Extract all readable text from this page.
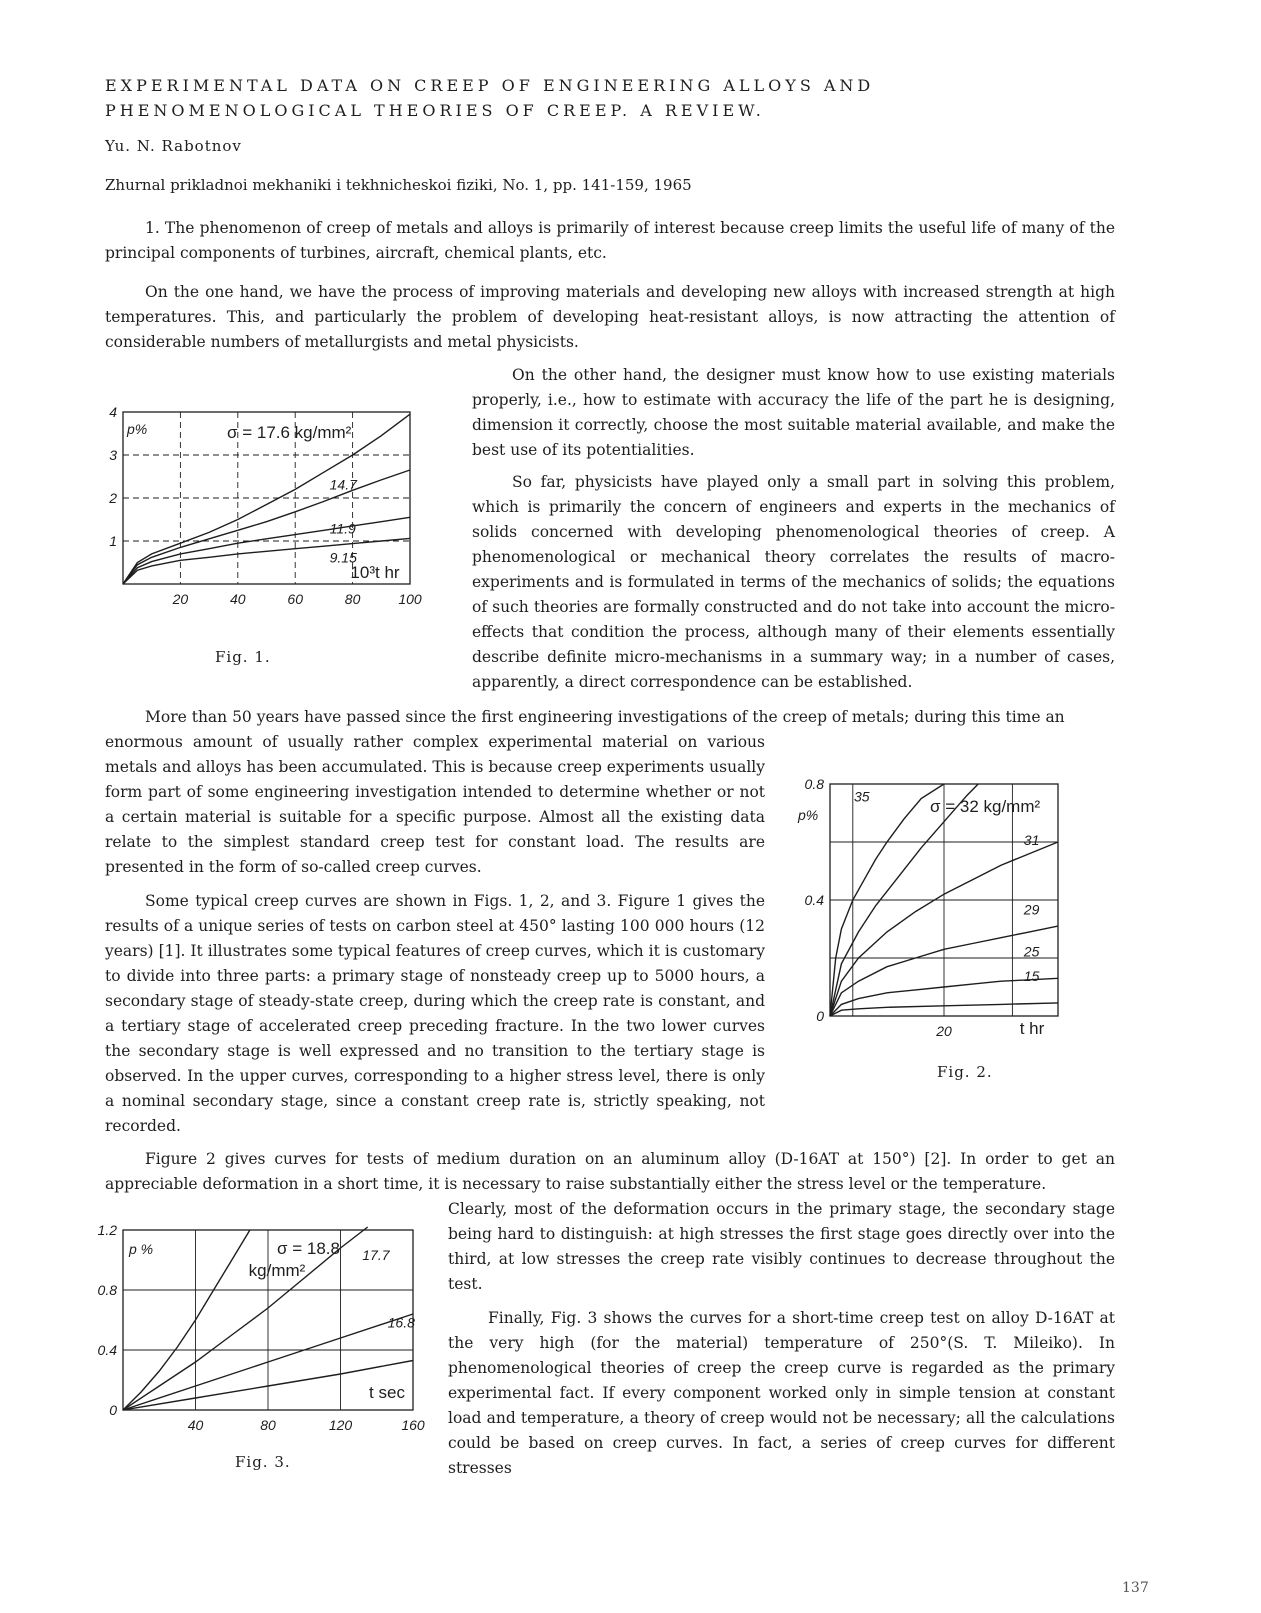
EXPERIMENTAL DATA ON CREEP OF ENGINEERING ALLOYS AND
PHENOMENOLOGICAL THEORIES OF CREEP. A REVIEW.
Yu. N. Rabotnov
Zhurnal prikladnoi mekhaniki i tekhnicheskoi fiziki, No. 1, pp. 141-159, 1965

1. The phenomenon of creep of metals and alloys is primarily of interest because creep limits the useful life of many of the principal components of turbines, aircraft, chemical plants, etc.

On the one hand, we have the process of improving materials and developing new alloys with increased strength at high temperatures. This, and particularly the problem of developing heat-resistant alloys, is now attracting the attention of considerable numbers of metallurgists and metal physicists.

On the other hand, the designer must know how to use existing materials properly, i.e., how to estimate with accuracy the life of the part he is designing, dimension it correctly, choose the most suitable material available, and make the best use of its potentialities.

So far, physicists have played only a small part in solving this problem, which is primarily the concern of engineers and experts in the mechanics of solids concerned with developing phenomenological theories of creep. A phenomenological or mechanical theory correlates the results of macro-experiments and is formulated in terms of the mechanics of solids; the equations of such theories are formally constructed and do not take into account the micro-effects that condition the process, although many of their elements essentially describe definite micro-mechanisms in a summary way; in a number of cases, apparently, a direct correspondence can be established.

20	40	60	80	100
1
2
3
4
14.7
11.9
9.15
p%
10³t hr
σ = 17.6 kg/mm²
Fig. 1.

More than 50 years have passed since the first engineering investigations of the creep of metals; during this time an

enormous amount of usually rather complex experimental material on various metals and alloys has been accumulated. This is because creep experiments usually form part of some engineering investigation intended to determine whether or not a certain material is suitable for a specific purpose. Almost all the existing data relate to the simplest standard creep test for constant load. The results are presented in the form of so-called creep curves.

Some typical creep curves are shown in Figs. 1, 2, and 3. Figure 1 gives the results of a unique series of tests on carbon steel at 450° lasting 100 000 hours (12 years) [1]. It illustrates some typical features of creep curves, which it is customary to divide into three parts: a primary stage of nonsteady creep up to 5000 hours, a secondary stage of steady-state creep, during which the creep rate is constant, and a tertiary stage of accelerated creep preceding fracture. In the two lower curves the secondary stage is well expressed and no transition to the tertiary stage is observed. In the upper curves, corresponding to a higher stress level, there is only a nominal secondary stage, since a constant creep rate is, strictly speaking, not recorded.

20
0
0.4
0.8
35
31
29
25
15
p%
t hr
σ = 32 kg/mm²
Fig. 2.

Figure 2 gives curves for tests of medium duration on an aluminum alloy (D-16AT at 150°) [2]. In order to get an appreciable deformation in a short time, it is necessary to raise substantially either the stress level or the temperature.

Clearly, most of the deformation occurs in the primary stage, the secondary stage being hard to distinguish: at high stresses the first stage goes directly over into the third, at low stresses the creep rate visibly continues to decrease throughout the test.

40	80	120	160
0
0.4
0.8
1.2
17.7
16.8
p %
t sec
σ = 18.8
kg/mm²
Fig. 3.

Finally, Fig. 3 shows the curves for a short-time creep test on alloy D-16AT at the very high (for the material) temperature of 250°(S. T. Mileiko). In phenomenological theories of creep the creep curve is regarded as the primary experimental fact. If every component worked only in simple tension at constant load and temperature, a theory of creep would not be necessary; all the calculations could be based on creep curves. In fact, a series of creep curves for different stresses

137
